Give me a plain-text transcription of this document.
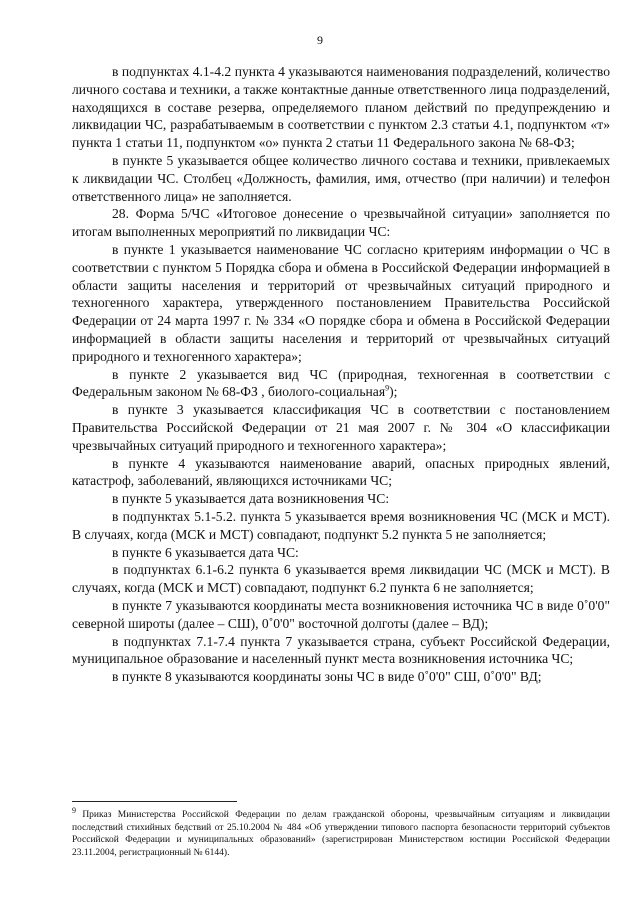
9

в подпунктах 4.1-4.2 пункта 4 указываются наименования подразделений, количество личного состава и техники, а также контактные данные ответственного лица подразделений, находящихся в составе резерва, определяемого планом действий по предупреждению и ликвидации ЧС, разрабатываемым в соответствии с пунктом 2.3 статьи 4.1, подпунктом «т» пункта 1 статьи 11, подпунктом «о» пункта 2 статьи 11 Федерального закона № 68-ФЗ;

в пункте 5 указывается общее количество личного состава и техники, привлекаемых к ликвидации ЧС. Столбец «Должность, фамилия, имя, отчество (при наличии) и телефон ответственного лица» не заполняется.

28. Форма 5/ЧС «Итоговое донесение о чрезвычайной ситуации» заполняется по итогам выполненных мероприятий по ликвидации ЧС:

в пункте 1 указывается наименование ЧС согласно критериям информации о ЧС в соответствии с пунктом 5 Порядка сбора и обмена в Российской Федерации информацией в области защиты населения и территорий от чрезвычайных ситуаций природного и техногенного характера, утвержденного постановлением Правительства Российской Федерации от 24 марта 1997 г. № 334 «О порядке сбора и обмена в Российской Федерации информацией в области защиты населения и территорий от чрезвычайных ситуаций природного и техногенного характера»;

в пункте 2 указывается вид ЧС (природная, техногенная в соответствии с Федеральным законом № 68-ФЗ , биолого-социальная$^9$);

в пункте 3 указывается классификация ЧС в соответствии с постановлением Правительства Российской Федерации от 21 мая 2007 г. № 304 «О классификации чрезвычайных ситуаций природного и техногенного характера»;

в пункте 4 указываются наименование аварий, опасных природных явлений, катастроф, заболеваний, являющихся источниками ЧС;

в пункте 5 указывается дата возникновения ЧС:

в подпунктах 5.1-5.2. пункта 5 указывается время возникновения ЧС (МСК и МСТ). В случаях, когда (МСК и МСТ) совпадают, подпункт 5.2 пункта 5 не заполняется;

в пункте 6 указывается дата ЧС:

в подпунктах 6.1-6.2 пункта 6 указывается время ликвидации ЧС (МСК и МСТ). В случаях, когда (МСК и МСТ) совпадают, подпункт 6.2 пункта 6 не заполняется;

в пункте 7 указываются координаты места возникновения источника ЧС в виде 0˚0'0" северной широты (далее – СШ), 0˚0'0" восточной долготы (далее – ВД);

в подпунктах 7.1-7.4 пункта 7 указывается страна, субъект Российской Федерации, муниципальное образование и населенный пункт места возникновения источника ЧС;

в пункте 8 указываются координаты зоны ЧС в виде 0˚0'0" СШ, 0˚0'0" ВД;

$^9$ Приказ Министерства Российской Федерации по делам гражданской обороны, чрезвычайным ситуациям и ликвидации последствий стихийных бедствий от 25.10.2004 № 484 «Об утверждении типового паспорта безопасности территорий субъектов Российской Федерации и муниципальных образований» (зарегистрирован Министерством юстиции Российской Федерации 23.11.2004, регистрационный № 6144).
